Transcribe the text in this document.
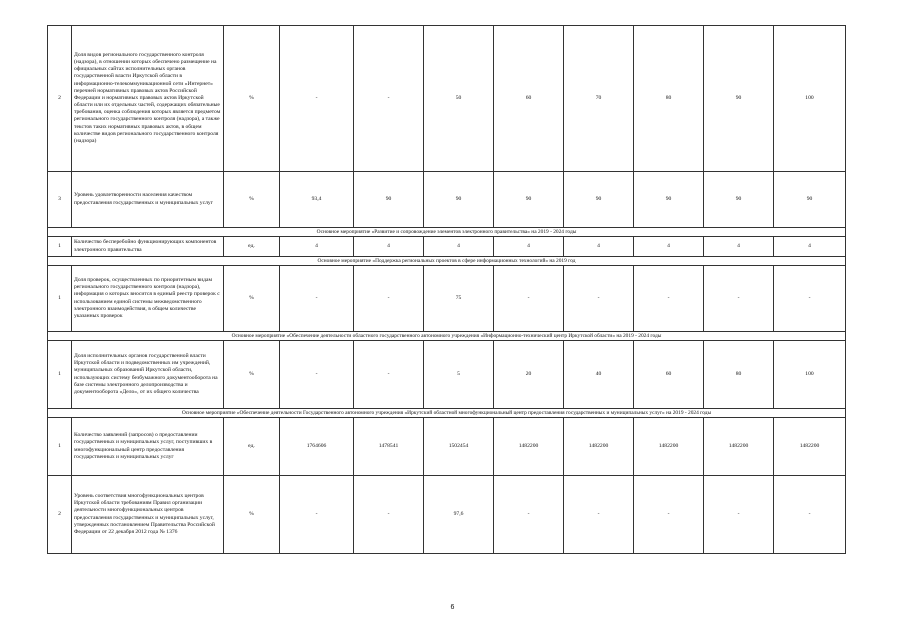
2	Доля видов регионального государственного контроля (надзора), в отношении которых обеспечено размещение на официальных сайтах исполнительных органов государственной власти Иркутской области в информационно-телекоммуникационной сети «Интернет» перечней нормативных правовых актов Российской Федерации и нормативных правовых актов Иркутской области или их отдельных частей, содержащих обязательные требования, оценка соблюдения которых является предметом регионального государственного контроля (надзора), а также текстов таких нормативных правовых актов, в общем количестве видов регионального государственного контроля (надзора)	%	-	-	50	60	70	80	90	100
3	Уровень удовлетворенности населения качеством предоставления государственных и муниципальных услуг	%	93,4	90	90	90	90	90	90	90
Основное мероприятие «Развитие и сопровождение элементов электронного правительства» на 2019 - 2024 годы										
1	Количество бесперебойно функционирующих компонентов электронного правительства	ед.	4	4	4	4	4	4	4	4
Основное мероприятие «Поддержка региональных проектов в сфере информационных технологий» на 2019 год										
1	Доля проверок, осуществленных по приоритетным видам регионального государственного контроля (надзора), информация о которых вносится в единый реестр проверок с использованием единой системы межведомственного электронного взаимодействия, в общем количестве указанных проверок	%	-	-	75	-	-	-	-	-
Основное мероприятие «Обеспечение деятельности областного государственного автономного учреждения «Информационно-технический центр Иркутской области» на 2019 - 2024 годы										
1	Доля исполнительных органов государственной власти Иркутской области и подведомственных им учреждений, муниципальных образований Иркутской области, использующих систему безбумажного документооборота на базе системы электронного делопроизводства и документооборота «Дело», от их общего количества	%	-	-	5	20	40	60	80	100
Основное мероприятие «Обеспечение деятельности Государственного автономного учреждения «Иркутский областной многофункциональный центр предоставления государственных и муниципальных услуг» на 2019 - 2024 годы										
1	Количество заявлений (запросов) о предоставлении государственных и муниципальных услуг, поступивших в многофункциональный центр предоставления государственных и муниципальных услуг	ед.	1764606	1478541	1502454	1482200	1482200	1482200	1482200	1482200
2	Уровень соответствия многофункциональных центров Иркутской области требованиям Правил организации деятельности многофункциональных центров предоставления государственных и муниципальных услуг, утвержденных постановлением Правительства Российской Федерации от 22 декабря 2012 года № 1376	%	-	-	97,6	-	-	-	-	-
6
